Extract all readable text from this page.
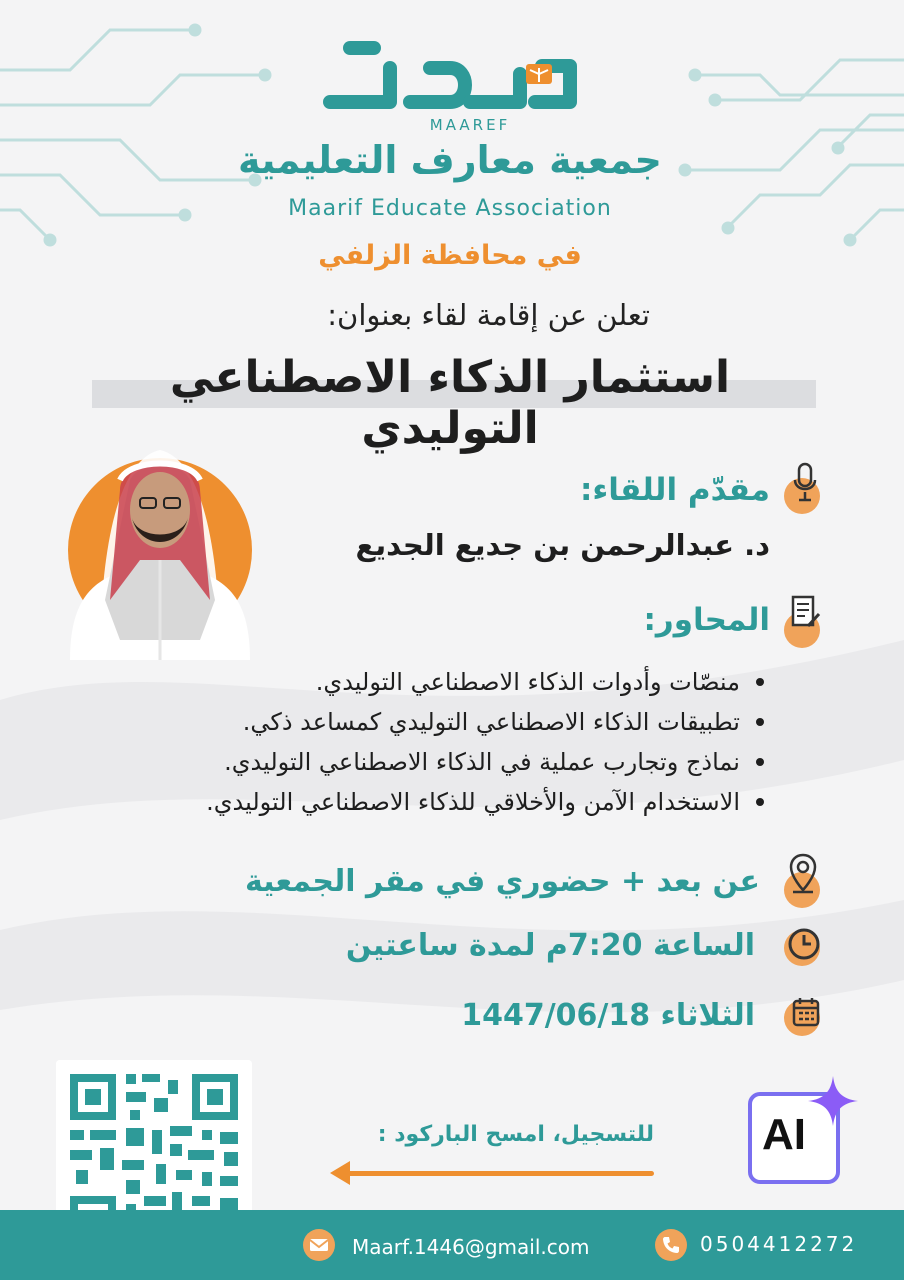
MAAREF
جمعية معارف التعليمية
Maarif Educate Association
في محافظة الزلفي
تعلن عن إقامة لقاء بعنوان:
استثمار الذكاء الاصطناعي التوليدي
مقدّم اللقاء:
د. عبدالرحمن بن جديع الجديع
المحاور:
منصّات وأدوات الذكاء الاصطناعي التوليدي.
تطبيقات الذكاء الاصطناعي التوليدي كمساعد ذكي.
نماذج وتجارب عملية في الذكاء الاصطناعي التوليدي.
الاستخدام الآمن والأخلاقي للذكاء الاصطناعي التوليدي.
عن بعد + حضوري في مقر الجمعية
الساعة 7:20م لمدة ساعتين
الثلاثاء 1447/06/18
للتسجيل، امسح الباركود : AI
Maarf.1446@gmail.com	0504412272
